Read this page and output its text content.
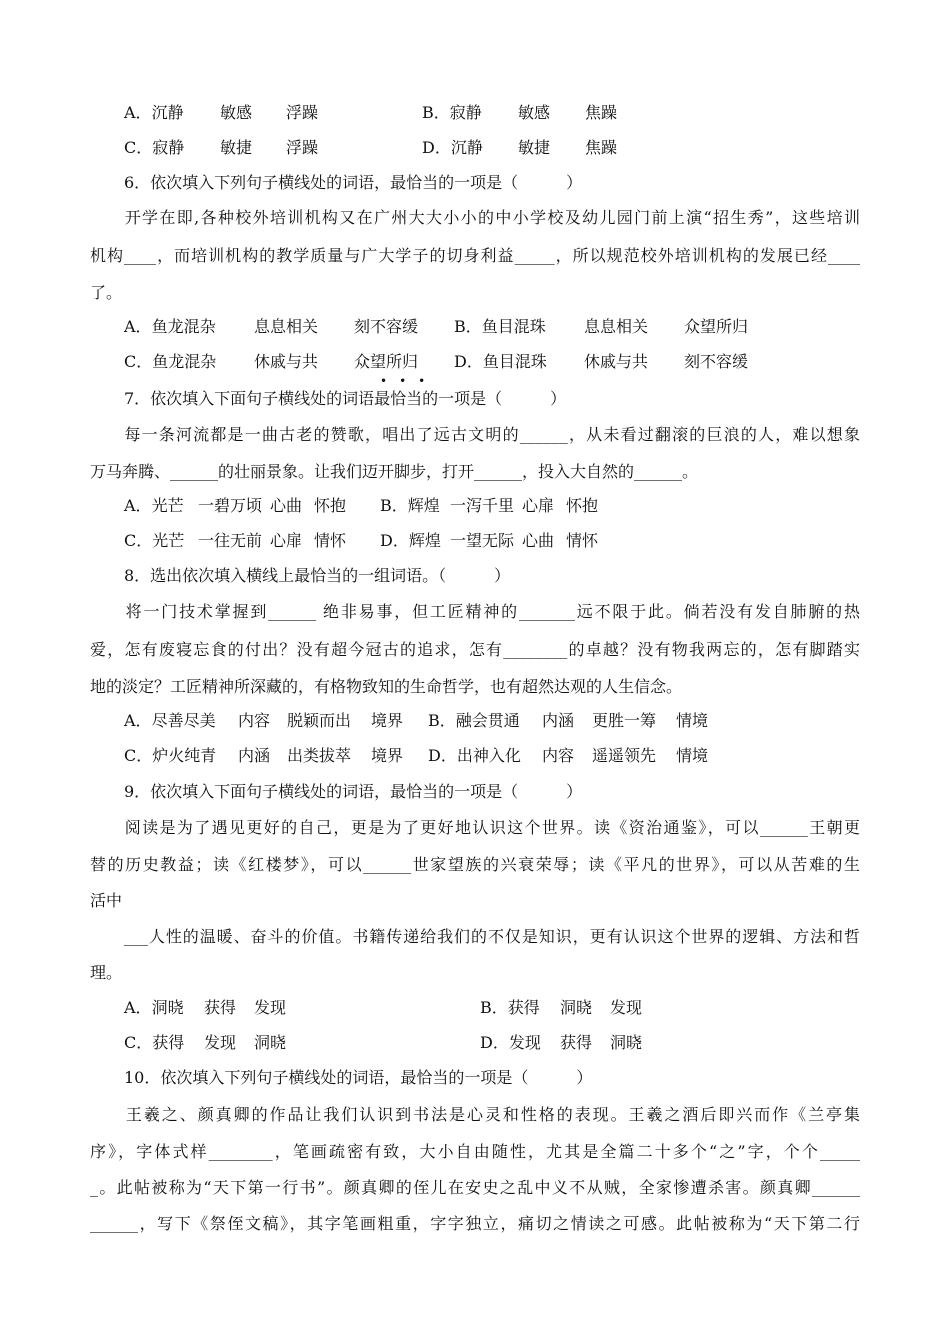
A．沉静 敏感 浮躁	B．寂静 敏感 焦躁
C．寂静 敏捷 浮躁	D．沉静 敏捷 焦躁
6．依次填入下列句子横线处的词语，最恰当的一项是（　　　）
　　开学在即,各种校外培训机构又在广州大大小小的中小学校及幼儿园门前上演“招生秀”，这些培训
机构____，而培训机构的教学质量与广大学子的切身利益_____，所以规范校外培训机构的发展已经____
了。
A．鱼龙混杂 息息相关 刻不容缓 B．鱼目混珠 息息相关 众望所归
C．鱼龙混杂 休戚与共 众望所归 D．鱼目混珠 休戚与共 刻不容缓
•••
7．依次填入下面句子横线处的词语最恰当的一项是（　　　）
　　每一条河流都是一曲古老的赞歌，唱出了远古文明的______，从未看过翻滚的巨浪的人，难以想象
万马奔腾、______的壮丽景象。让我们迈开脚步，打开______，投入大自然的______。
A．光芒 一碧万顷 心曲 怀抱 B．辉煌 一泻千里 心扉 怀抱
C．光芒 一往无前 心扉 情怀 D．辉煌 一望无际 心曲 情怀
8．选出依次填入横线上最恰当的一组词语。（　　　）
　　将一门技术掌握到______ 绝非易事，但工匠精神的_______远不限于此。倘若没有发自肺腑的热
爱，怎有废寝忘食的付出？没有超今冠古的追求，怎有________的卓越？没有物我两忘的，怎有脚踏实
地的淡定？工匠精神所深藏的，有格物致知的生命哲学，也有超然达观的人生信念。
A．尽善尽美 内容 脱颖而出 境界 B．融会贯通 内涵 更胜一筹 情境
C．炉火纯青 内涵 出类拔萃 境界 D．出神入化 内容 遥遥领先 情境
9．依次填入下面句子横线处的词语，最恰当的一项是（　　　）
　　阅读是为了遇见更好的自己，更是为了更好地认识这个世界。读《资治通鉴》，可以______王朝更
替的历史教益；读《红楼梦》，可以______世家望族的兴衰荣辱；读《平凡的世界》，可以从苦难的生
活中
　　___人性的温暖、奋斗的价值。书籍传递给我们的不仅是知识，更有认识这个世界的逻辑、方法和哲
理。
A．洞晓 获得 发现	B．获得 洞晓 发现
C．获得 发现 洞晓	D．发现 获得 洞晓
10．依次填入下列句子横线处的词语，最恰当的一项是（　　　）
　　王羲之、颜真卿的作品让我们认识到书法是心灵和性格的表现。王羲之酒后即兴而作《兰亭集
序》，字体式样________，笔画疏密有致，大小自由随性，尤其是全篇二十多个“之”字，个个_____
_。此帖被称为“天下第一行书”。颜真卿的侄儿在安史之乱中义不从贼，全家惨遭杀害。颜真卿______
______，写下《祭侄文稿》，其字笔画粗重，字字独立，痛切之情读之可感。此帖被称为“天下第二行
